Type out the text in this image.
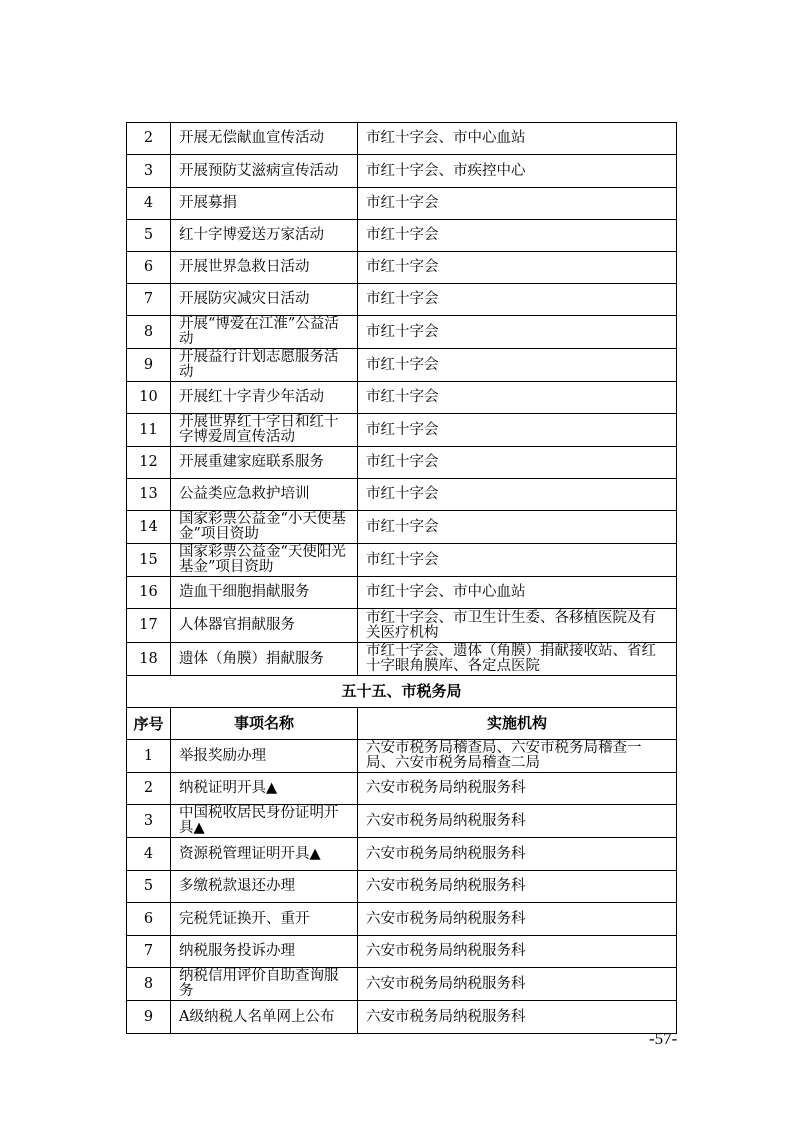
2	开展无偿献血宣传活动	市红十字会、市中心血站
3	开展预防艾滋病宣传活动	市红十字会、市疾控中心
4	开展募捐	市红十字会
5	红十字博爱送万家活动	市红十字会
6	开展世界急救日活动	市红十字会
7	开展防灾减灾日活动	市红十字会
8	开展“博爱在江淮”公益活动	市红十字会
9	开展益行计划志愿服务活动	市红十字会
10	开展红十字青少年活动	市红十字会
11	开展世界红十字日和红十字博爱周宣传活动	市红十字会
12	开展重建家庭联系服务	市红十字会
13	公益类应急救护培训	市红十字会
14	国家彩票公益金“小天使基金”项目资助	市红十字会
15	国家彩票公益金“天使阳光基金”项目资助	市红十字会
16	造血干细胞捐献服务	市红十字会、市中心血站
17	人体器官捐献服务	市红十字会、市卫生计生委、各移植医院及有关医疗机构
18	遗体（角膜）捐献服务	市红十字会、遗体（角膜）捐献接收站、省红十字眼角膜库、各定点医院
五十五、市税务局		
序号	事项名称	实施机构
1	举报奖励办理	六安市税务局稽查局、六安市税务局稽查一局、六安市税务局稽查二局
2	纳税证明开具▲	六安市税务局纳税服务科
3	中国税收居民身份证明开具▲	六安市税务局纳税服务科
4	资源税管理证明开具▲	六安市税务局纳税服务科
5	多缴税款退还办理	六安市税务局纳税服务科
6	完税凭证换开、重开	六安市税务局纳税服务科
7	纳税服务投诉办理	六安市税务局纳税服务科
8	纳税信用评价自助查询服务	六安市税务局纳税服务科
9	A级纳税人名单网上公布	六安市税务局纳税服务科
-57-
